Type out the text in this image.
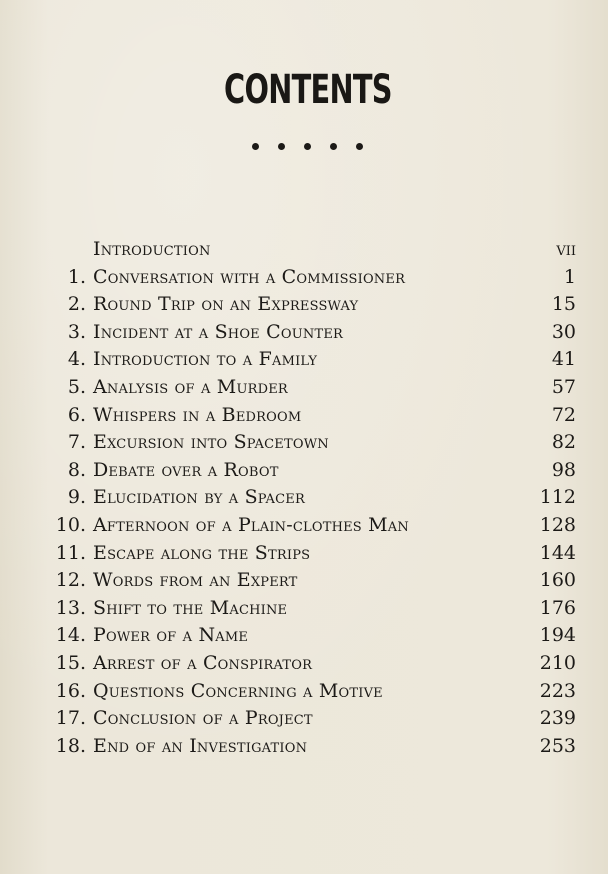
CONTENTS
Introduction	vii
1. Conversation with a Commissioner	1
2. Round Trip on an Expressway	15
3. Incident at a Shoe Counter	30
4. Introduction to a Family	41
5. Analysis of a Murder	57
6. Whispers in a Bedroom	72
7. Excursion into Spacetown	82
8. Debate over a Robot	98
9. Elucidation by a Spacer	112
10. Afternoon of a Plain-clothes Man	128
11. Escape along the Strips	144
12. Words from an Expert	160
13. Shift to the Machine	176
14. Power of a Name	194
15. Arrest of a Conspirator	210
16. Questions Concerning a Motive	223
17. Conclusion of a Project	239
18. End of an Investigation	253
